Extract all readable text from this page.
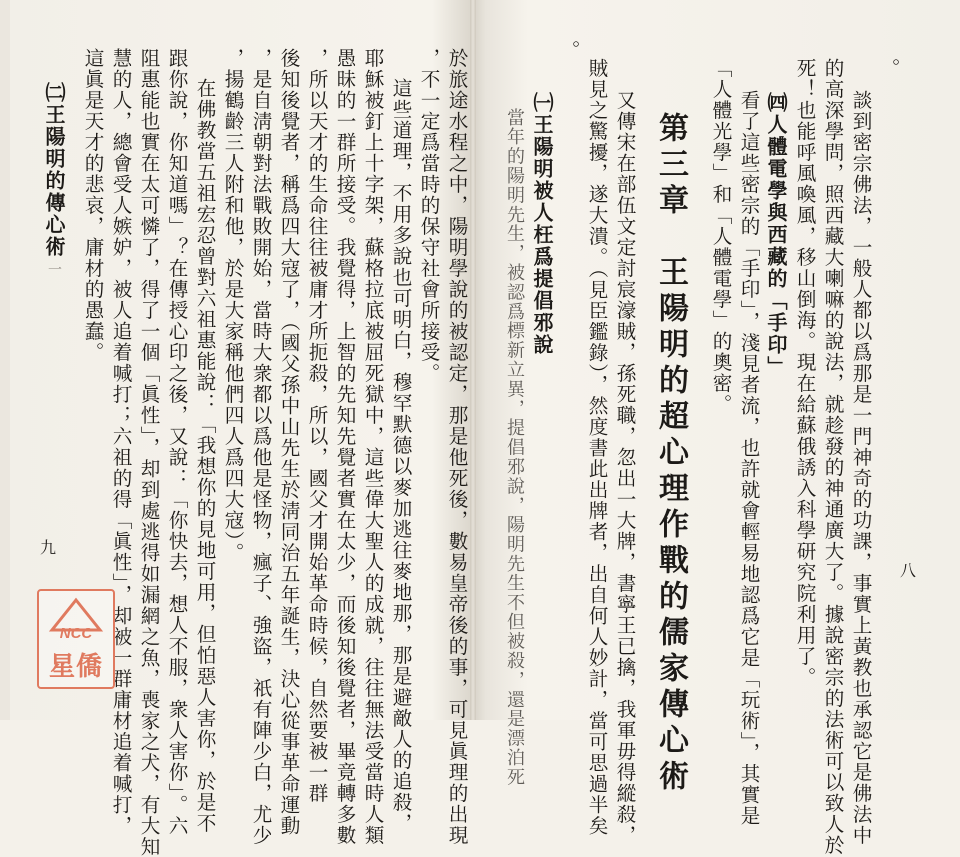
於旅途水程之中，陽明學說的被認定，那是他死後，數易皇帝後的事，可見眞理的出現
，不一定爲當時的保守社會所接受。
這些道理，不用多說也可明白，穆罕默德以麥加逃往麥地那，那是避敵人的追殺，
耶穌被釘上十字架，蘇格拉底被屈死獄中，這些偉大聖人的成就，往往無法受當時人類
愚昧的一群所接受。我覺得，上智的先知先覺者實在太少，而後知後覺者，畢竟轉多數
，所以天才的生命往往被庸才所扼殺，所以，國父才開始革命時候，自然要被一群
後知後覺者，稱爲四大寇了，（國父孫中山先生於淸同治五年誕生，決心從事革命運動
，是自淸朝對法戰敗開始，當時大衆都以爲他是怪物，瘋子、強盜，祇有陣少白，尤少
，揚鶴齡三人附和他，於是大家稱他們四人爲四大寇）。
在佛教當五祖宏忍曾對六祖惠能說：「我想你的見地可用，但怕惡人害你，於是不
跟你說，你知道嗎」？在傳授心印之後，又說：「你快去，想人不服，衆人害你」。六
阻惠能也實在太可憐了，得了一個「眞性」，却到處逃得如漏網之魚，喪家之犬，有大知
慧的人，總會受人嫉妒，被人追着喊打；六祖的得「眞性」，却被一群庸材追着喊打，
這眞是天才的悲哀，庸材的愚蠢。
㈡王陽明的傳心術
一
九
。
談到密宗佛法，一般人都以爲那是一門神奇的功課，事實上黃教也承認它是佛法中
的高深學問，照西藏大喇嘛的說法，就趁發的神通廣大了。據說密宗的法術可以致人於
死！也能呼風喚風，移山倒海。現在給蘇俄誘入科學研究院利用了。
㈣人體電學與西藏的「手印」
看了這些密宗的「手印」，淺見者流，也許就會輕易地認爲它是「玩術」，其實是
「人體光學」和「人體電學」的奧密。
第三章　王陽明的超心理作戰的儒家傳心術
又傳宋在部伍文定討宸濠賊，孫死職，忽出一大牌，書寧王已擒，我軍毋得縱殺，
賊見之驚擾，遂大潰。（見臣鑑錄），然度書此出牌者，出自何人妙計，當可思過半矣
。
㈠王陽明被人枉爲提倡邪說
當年的陽明先生，被認爲標新立異，提倡邪說，陽明先生不但被殺，還是漂泊死	八
NCC
星僑
